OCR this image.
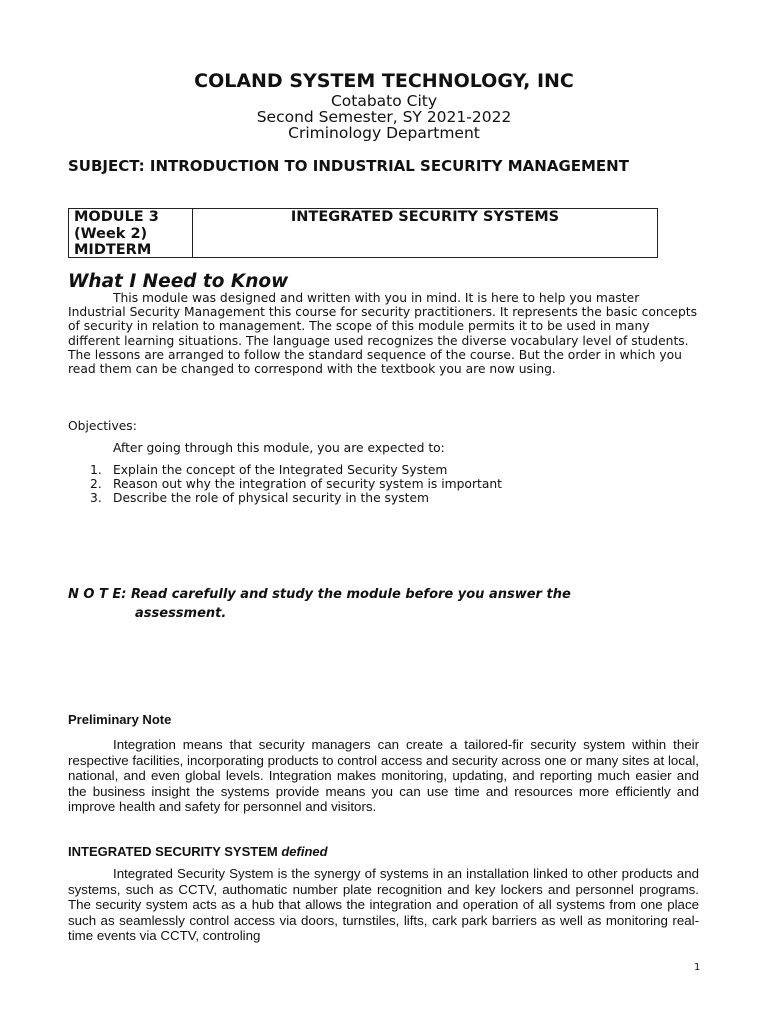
COLAND SYSTEM TECHNOLOGY, INC
Cotabato City
Second Semester, SY 2021-2022
Criminology Department
SUBJECT: INTRODUCTION TO INDUSTRIAL SECURITY MANAGEMENT
MODULE 3
(Week 2)
MIDTERM
INTEGRATED SECURITY SYSTEMS
What I Need to Know
This module was designed and written with you in mind. It is here to help you master Industrial Security Management this course for security practitioners. It represents the basic concepts of security in relation to management. The scope of this module permits it to be used in many different learning situations. The language used recognizes the diverse vocabulary level of students. The lessons are arranged to follow the standard sequence of the course. But the order in which you read them can be changed to correspond with the textbook you are now using.
Objectives:
After going through this module, you are expected to:
1. Explain the concept of the Integrated Security System
2. Reason out why the integration of security system is important
3. Describe the role of physical security in the system
N O T E: Read carefully and study the module before you answer the
assessment.
Preliminary Note
Integration means that security managers can create a tailored-fir security system within their respective facilities, incorporating products to control access and security across one or many sites at local, national, and even global levels. Integration makes monitoring, updating, and reporting much easier and the business insight the systems provide means you can use time and resources more efficiently and improve health and safety for personnel and visitors.
INTEGRATED SECURITY SYSTEM defined
Integrated Security System is the synergy of systems in an installation linked to other products and systems, such as CCTV, authomatic number plate recognition and key lockers and personnel programs. The security system acts as a hub that allows the integration and operation of all systems from one place such as seamlessly control access via doors, turnstiles, lifts, cark park barriers as well as monitoring real-time events via CCTV, controling
1
